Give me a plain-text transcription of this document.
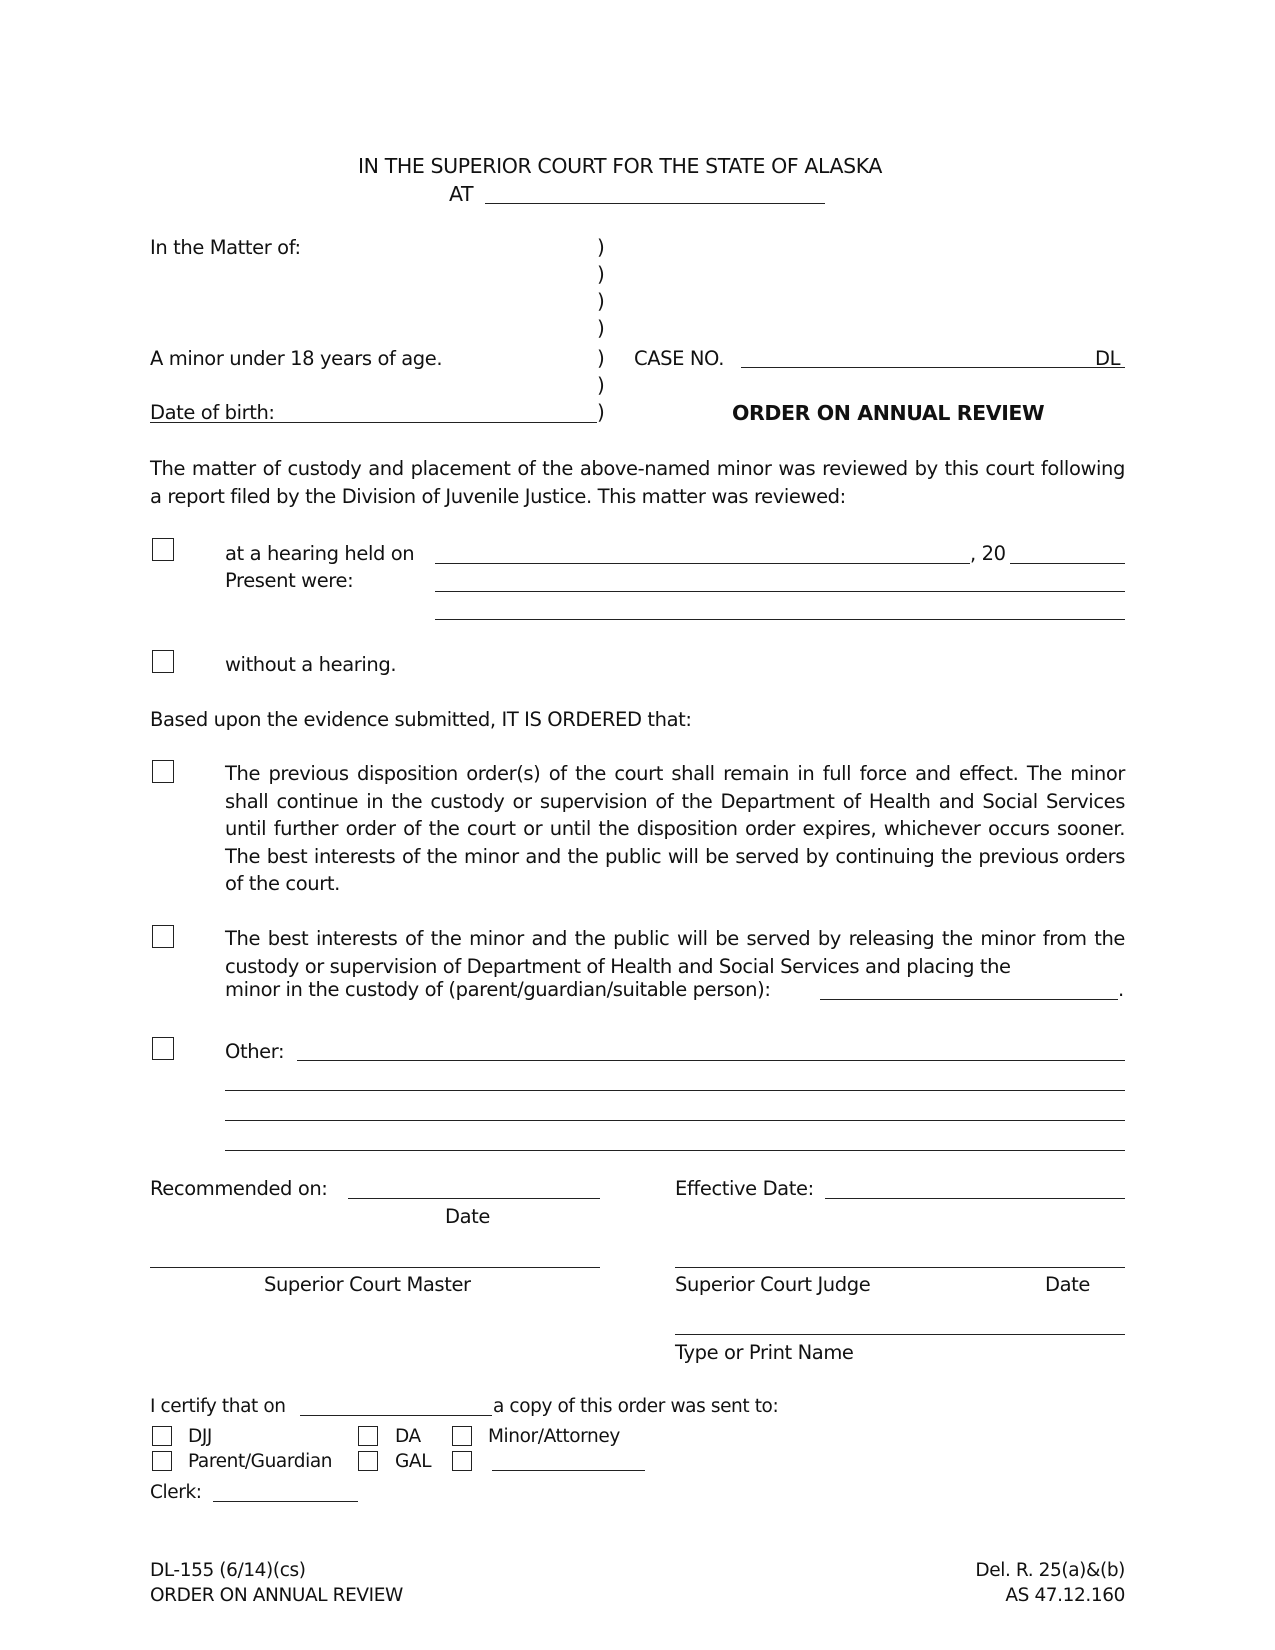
IN THE SUPERIOR COURT FOR THE STATE OF ALASKA
AT
In the Matter of:
A minor under 18 years of age.
Date of birth:
)
)
)
)
)
)
)
CASE NO.	DL
ORDER ON ANNUAL REVIEW
The matter of custody and placement of the above-named minor was reviewed by this court following a report filed by the Division of Juvenile Justice. This matter was reviewed:
at a hearing held on	, 20
Present were:
without a hearing.
Based upon the evidence submitted, IT IS ORDERED that:
The previous disposition order(s) of the court shall remain in full force and effect. The minor shall continue in the custody or supervision of the Department of Health and Social Services until further order of the court or until the disposition order expires, whichever occurs sooner. The best interests of the minor and the public will be served by continuing the previous orders of the court.
The best interests of the minor and the public will be served by releasing the minor from the custody or supervision of Department of Health and Social Services and placing the
minor in the custody of (parent/guardian/suitable person):	.
Other:
Recommended on:
Date
Effective Date:
Superior Court Master	Superior Court Judge	Date
Type or Print Name
I certify that on	a copy of this order was sent to:
DJJ	DA	Minor/Attorney
Parent/Guardian	GAL
Clerk:
DL-155 (6/14)(cs)
ORDER ON ANNUAL REVIEW
Del. R. 25(a)&(b)
AS 47.12.160
